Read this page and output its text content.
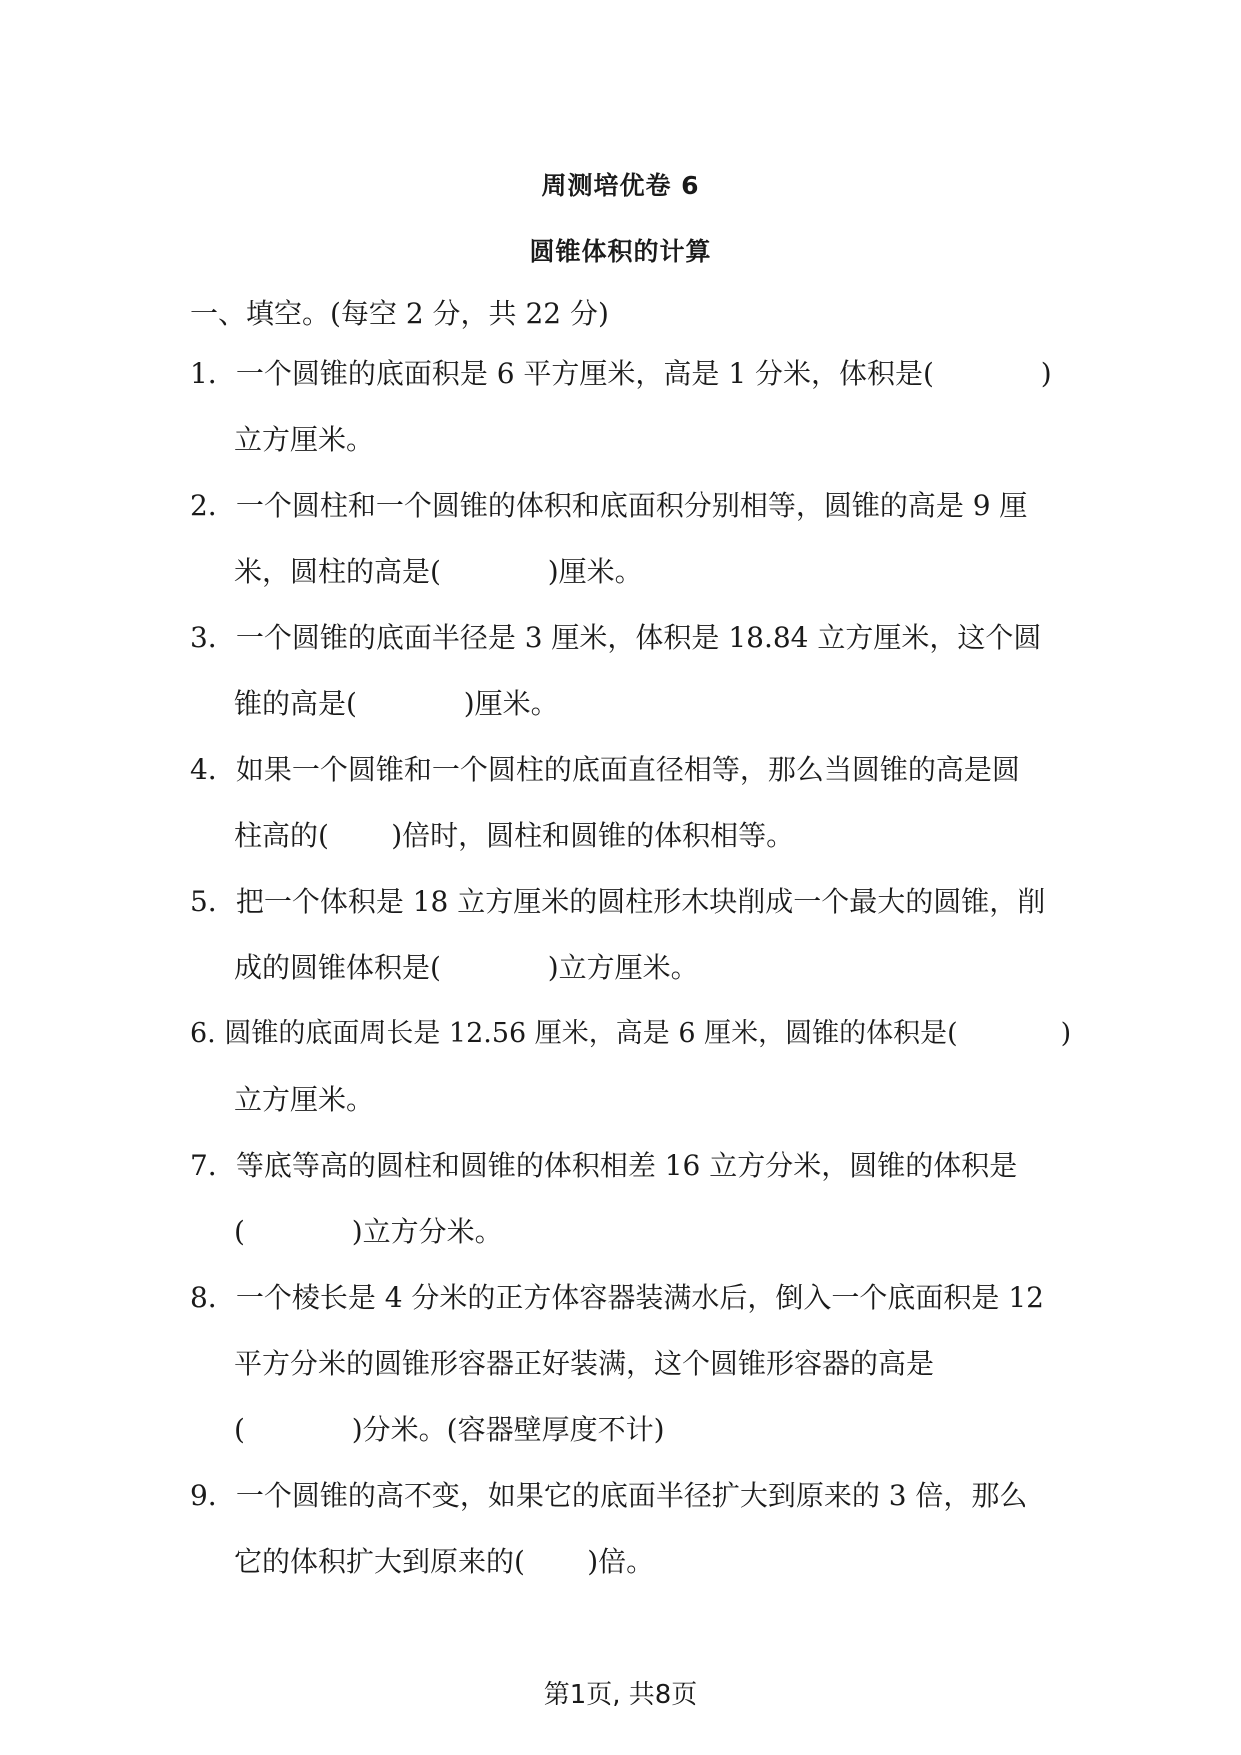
周测培优卷 6
圆锥体积的计算
一、填空。(每空 2 分，共 22 分)
1．一个圆锥的底面积是 6 平方厘米，高是 1 分米，体积是(            )
立方厘米。
2．一个圆柱和一个圆锥的体积和底面积分别相等，圆锥的高是 9 厘
米，圆柱的高是(            )厘米。
3．一个圆锥的底面半径是 3 厘米，体积是 18.84 立方厘米，这个圆
锥的高是(            )厘米。
4．如果一个圆锥和一个圆柱的底面直径相等，那么当圆锥的高是圆
柱高的(       )倍时，圆柱和圆锥的体积相等。
5．把一个体积是 18 立方厘米的圆柱形木块削成一个最大的圆锥，削
成的圆锥体积是(            )立方厘米。
6. 圆锥的底面周长是 12.56 厘米，高是 6 厘米，圆锥的体积是(            )
立方厘米。
7．等底等高的圆柱和圆锥的体积相差 16 立方分米，圆锥的体积是
(            )立方分米。
8．一个棱长是 4 分米的正方体容器装满水后，倒入一个底面积是 12
平方分米的圆锥形容器正好装满，这个圆锥形容器的高是
(            )分米。(容器壁厚度不计)
9．一个圆锥的高不变，如果它的底面半径扩大到原来的 3 倍，那么
它的体积扩大到原来的(       )倍。
第1页, 共8页
